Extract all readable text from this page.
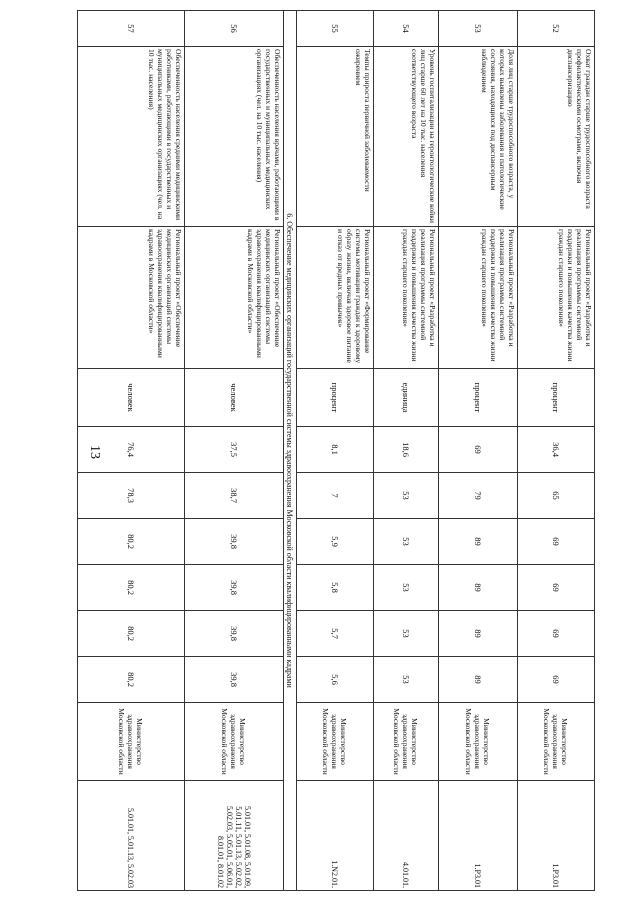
13
52	Охват граждан старше трудоспособного возраста профилактическими осмотрами, включая диспансеризацию	Региональный проект «Разработка и реализация программы системной поддержки и повышения качества жизни граждан старшего поколения»	процент	36,4	65	69	69	69	69	Министерство здравоохранения Московской области	1.P3.01
53	Доля лиц старше трудоспособного возраста, у которых выявлены заболевания и патологические состояния, находящихся под диспансерным наблюдением	Региональный проект «Разработка и реализация программы системной поддержки и повышения качества жизни граждан старшего поколения»	процент	69	79	89	89	89	89	Министерство здравоохранения Московской области	1.P3.01
54	Уровень госпитализации на геронтологические койки лиц старше 60 лет на 10 тыс. населения соответствующего возраста	Региональный проект «Разработка и реализация программы системной поддержки и повышения качества жизни граждан старшего поколения»	единица	18,6	53	53	53	53	53	Министерство здравоохранения Московской области	4.01.01.
55	Темпы прироста первичной заболеваемости ожирением	Региональный проект «Формирование системы мотивации граждан к здоровому образу жизни, включая здоровое питание и отказ от вредных привычек»	процент	8,1	7	5,9	5,8	5,7	5,6	Министерство здравоохранения Московской области	1.N2.01.
6. Обеспечение медицинских организаций государственной системы здравоохранения Московской области квалифицированными кадрами											
56	Обеспеченность населения врачами, работающими в государственных и муниципальных медицинских организациях (чел. на 10 тыс. населения)	Региональный проект «Обеспечение медицинских организаций системы здравоохранения квалифицированными кадрами в Московской области»	человек	37,5	38,7	39,8	39,8	39,8	39,8	Министерство здравоохранения Московской области	5.01.01, 5.01.08, 5.01.09, 5.01.11, 5.01.13, 5.02.02, 5.02.03, 5.05.01, 5.06.01, 8.01.01, 8.01.02
57	Обеспеченность населения средними медицинскими работниками, работающими в государственных и муниципальных медицинских организациях (чел. на 10 тыс. населения)	Региональный проект «Обеспечение медицинских организаций системы здравоохранения квалифицированными кадрами в Московской области»	человек	76,4	78,3	80,2	80,2	80,2	80,2	Министерство здравоохранения Московской области	5.01.01, 5.01.13, 5.02.03
